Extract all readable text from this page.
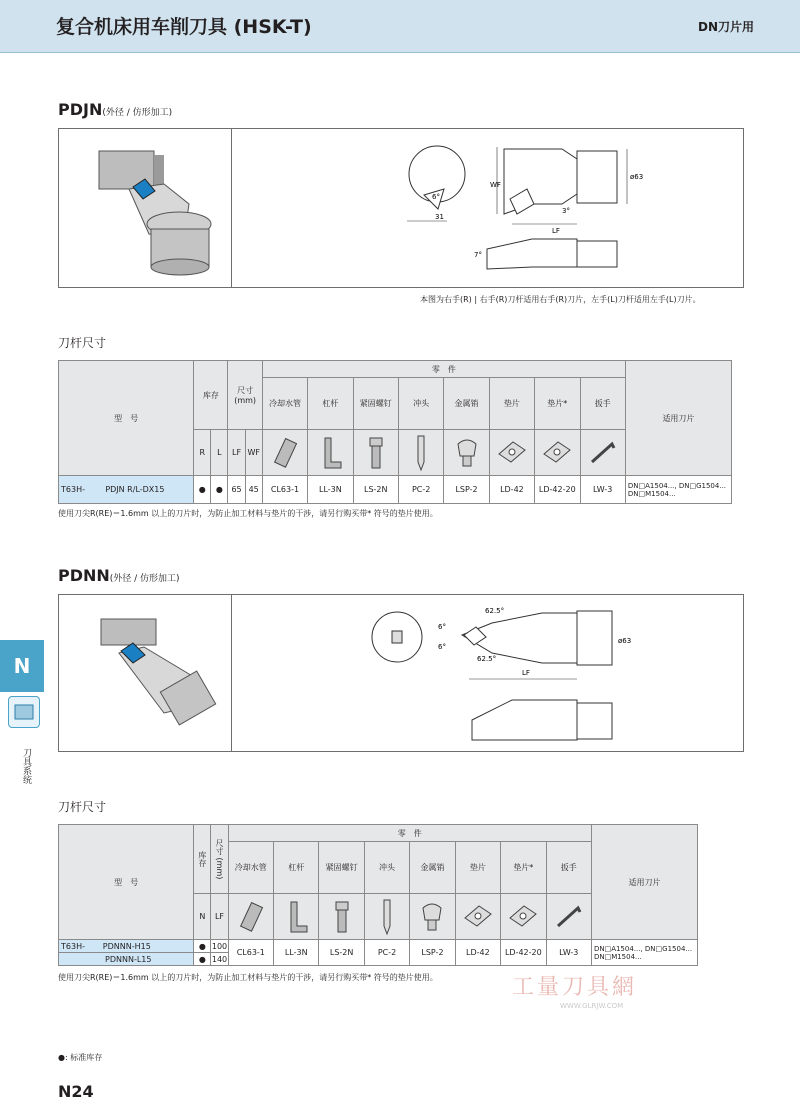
复合机床用车削刀具 (HSK-T)	DN刀片用
PDJN(外径 / 仿形加工)
31
6°
WF
LF
3°
ø63
7°
本图为右手(R) | 右手(R)刀杆适用右手(R)刀片，左手(L)刀杆适用左手(L)刀片。
刀杆尺寸
型　号	库存		尺寸
(mm)		零　件								适用刀片
					冷却水管	杠杆	紧固螺钉	冲头	金属销	垫片	垫片*	扳手	
	R	L	LF	WF								
T63H- PDJN R/L-DX15	●	●	65	45	CL63-1	LL-3N	LS-2N	PC-2	LSP-2	LD-42	LD-42-20	LW-3	DN□A1504..., DN□G1504...
DN□M1504...
使用刀尖R(RE)＝1.6mm 以上的刀片时，为防止加工材料与垫片的干涉，请另行购买带* 符号的垫片使用。
PDNN(外径 / 仿形加工)
62.5°
62.5°
LF
ø63
6°
6°
刀杆尺寸
型　号	库存	尺寸 (mm)	零　件								适用刀片
			冷却水管	杠杆	紧固螺钉	冲头	金属销	垫片	垫片*	扳手	
	N	LF								
T63H- PDNNN-H15	●	100	CL63-1	LL-3N	LS-2N	PC-2	LSP-2	LD-42	LD-42-20	LW-3	DN□A1504..., DN□G1504...
DN□M1504...

PDNNN-L15	●	140									
使用刀尖R(RE)＝1.6mm 以上的刀片时，为防止加工材料与垫片的干涉，请另行购买带* 符号的垫片使用。
N
刀具系统
工量刀具網
WWW.GLRJW.COM
●: 标准库存
N24
